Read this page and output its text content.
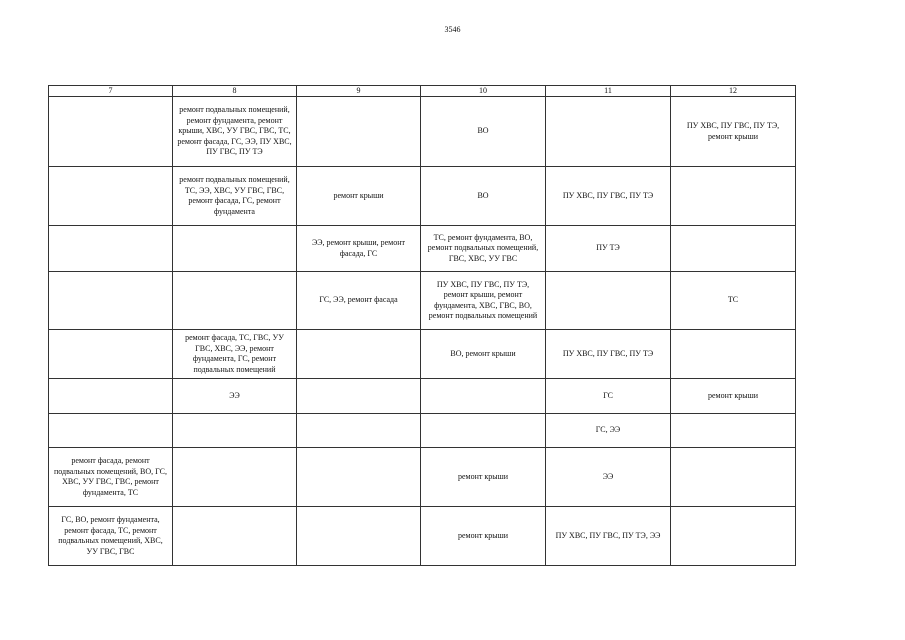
3546
7	8	9	10	11	12
	ремонт подвальных помещений, ремонт фундамента, ремонт крыши, ХВС, УУ ГВС, ГВС, ТС, ремонт фасада, ГС, ЭЭ, ПУ ХВС, ПУ ГВС, ПУ ТЭ		ВО		ПУ ХВС, ПУ ГВС, ПУ ТЭ, ремонт крыши
	ремонт подвальных помещений, ТС, ЭЭ, ХВС, УУ ГВС, ГВС, ремонт фасада, ГС, ремонт фундамента	ремонт крыши	ВО	ПУ ХВС, ПУ ГВС, ПУ ТЭ	
		ЭЭ, ремонт крыши, ремонт фасада, ГС	ТС, ремонт фундамента, ВО, ремонт подвальных помещений, ГВС, ХВС, УУ ГВС	ПУ ТЭ	
		ГС, ЭЭ, ремонт фасада	ПУ ХВС, ПУ ГВС, ПУ ТЭ, ремонт крыши, ремонт фундамента, ХВС, ГВС, ВО, ремонт подвальных помещений		ТС
	ремонт фасада, ТС, ГВС, УУ ГВС, ХВС, ЭЭ, ремонт фундамента, ГС, ремонт подвальных помещений		ВО, ремонт крыши	ПУ ХВС, ПУ ГВС, ПУ ТЭ	
	ЭЭ			ГС	ремонт крыши
				ГС, ЭЭ	
ремонт фасада, ремонт подвальных помещений, ВО, ГС, ХВС, УУ ГВС, ГВС, ремонт фундамента, ТС			ремонт крыши	ЭЭ	
ГС, ВО, ремонт фундамента, ремонт фасада, ТС, ремонт подвальных помещений, ХВС, УУ ГВС, ГВС			ремонт крыши	ПУ ХВС, ПУ ГВС, ПУ ТЭ, ЭЭ	
